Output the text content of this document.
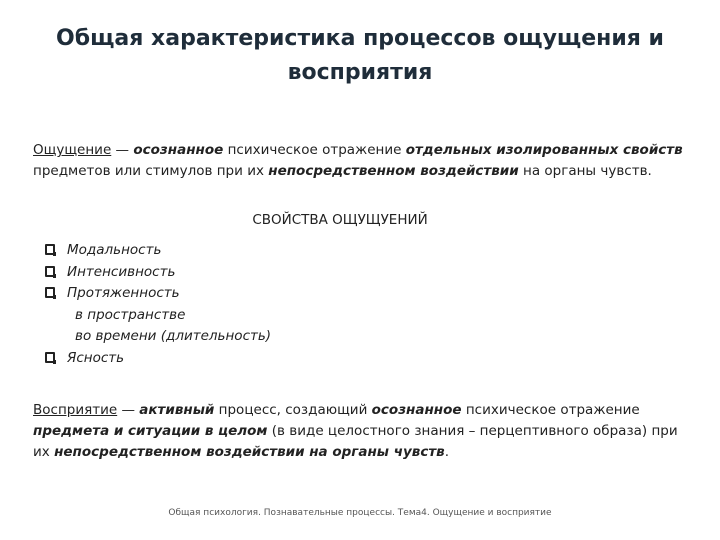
Общая характеристика процессов ощущения и
восприятия
Ощущение — осознанное психическое отражение отдельных изолированных свойств предметов или стимулов при их непосредственном воздействии на органы чувств.
СВОЙСТВА ОЩУЩУЕНИЙ
Модальность
Интенсивность
Протяженность
в пространстве
во времени (длительность)
Ясность
Восприятие — активный процесс, создающий осознанное психическое отражение предмета и ситуации в целом (в виде целостного знания – перцептивного образа) при их непосредственном воздействии на органы чувств.
Общая психология. Познавательные процессы. Тема4. Ощущение и восприятие
